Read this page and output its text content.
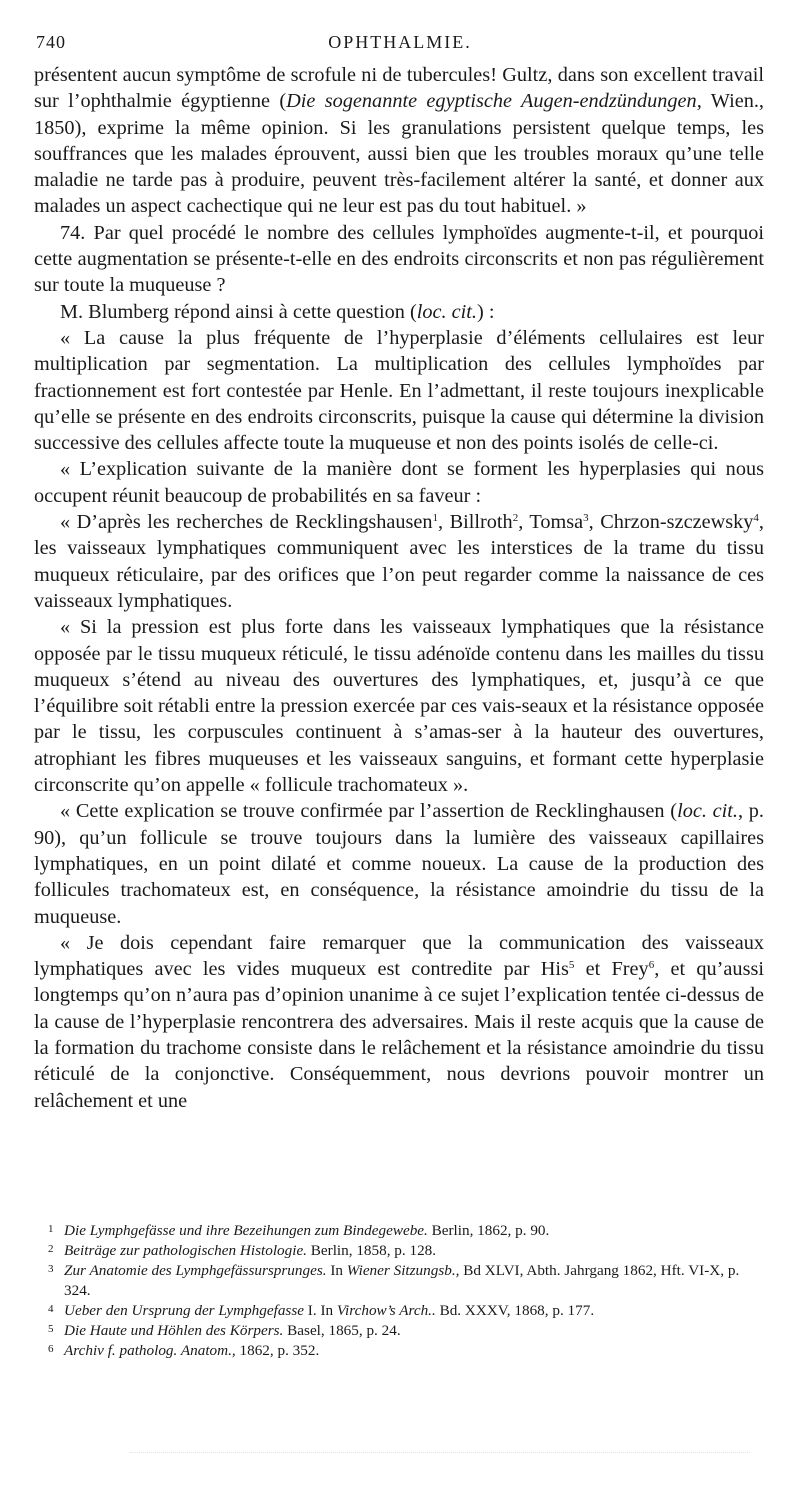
740	OPHTHALMIE.

présentent aucun symptôme de scrofule ni de tubercules! Gultz, dans son excellent travail sur l’ophthalmie égyptienne (Die sogenannte egyptische Augen-endzündungen, Wien., 1850), exprime la même opinion. Si les granulations persistent quelque temps, les souffrances que les malades éprouvent, aussi bien que les troubles moraux qu’une telle maladie ne tarde pas à produire, peuvent très-facilement altérer la santé, et donner aux malades un aspect cachectique qui ne leur est pas du tout habituel. »

74. Par quel procédé le nombre des cellules lymphoïdes augmente-t-il, et pourquoi cette augmentation se présente-t-elle en des endroits circonscrits et non pas régulièrement sur toute la muqueuse ?

M. Blumberg répond ainsi à cette question (loc. cit.) :

« La cause la plus fréquente de l’hyperplasie d’éléments cellulaires est leur multiplication par segmentation. La multiplication des cellules lymphoïdes par fractionnement est fort contestée par Henle. En l’admettant, il reste toujours inexplicable qu’elle se présente en des endroits circonscrits, puisque la cause qui détermine la division successive des cellules affecte toute la muqueuse et non des points isolés de celle-ci.

« L’explication suivante de la manière dont se forment les hyperplasies qui nous occupent réunit beaucoup de probabilités en sa faveur :

« D’après les recherches de Recklingshausen$^1$, Billroth$^2$, Tomsa$^3$, Chrzon-szczewsky$^4$, les vaisseaux lymphatiques communiquent avec les interstices de la trame du tissu muqueux réticulaire, par des orifices que l’on peut regarder comme la naissance de ces vaisseaux lymphatiques.

« Si la pression est plus forte dans les vaisseaux lymphatiques que la résistance opposée par le tissu muqueux réticulé, le tissu adénoïde contenu dans les mailles du tissu muqueux s’étend au niveau des ouvertures des lymphatiques, et, jusqu’à ce que l’équilibre soit rétabli entre la pression exercée par ces vais-seaux et la résistance opposée par le tissu, les corpuscules continuent à s’amas-ser à la hauteur des ouvertures, atrophiant les fibres muqueuses et les vaisseaux sanguins, et formant cette hyperplasie circonscrite qu’on appelle « follicule trachomateux ».

« Cette explication se trouve confirmée par l’assertion de Recklinghausen (loc. cit., p. 90), qu’un follicule se trouve toujours dans la lumière des vaisseaux capillaires lymphatiques, en un point dilaté et comme noueux. La cause de la production des follicules trachomateux est, en conséquence, la résistance amoindrie du tissu de la muqueuse.

« Je dois cependant faire remarquer que la communication des vaisseaux lymphatiques avec les vides muqueux est contredite par His$^5$ et Frey$^6$, et qu’aussi longtemps qu’on n’aura pas d’opinion unanime à ce sujet l’explication tentée ci-dessus de la cause de l’hyperplasie rencontrera des adversaires. Mais il reste acquis que la cause de la formation du trachome consiste dans le relâchement et la résistance amoindrie du tissu réticulé de la conjonctive. Conséquemment, nous devrions pouvoir montrer un relâchement et une

1 Die Lymphgefässe und ihre Bezeihungen zum Bindegewebe. Berlin, 1862, p. 90.

2 Beiträge zur pathologischen Histologie. Berlin, 1858, p. 128.

3 Zur Anatomie des Lymphgefässursprunges. In Wiener Sitzungsb., Bd XLVI, Abth. Jahrgang 1862, Hft. VI-X, p. 324.

4 Ueber den Ursprung der Lymphgefasse I. In Virchow’s Arch.. Bd. XXXV, 1868, p. 177.

5 Die Haute und Höhlen des Körpers. Basel, 1865, p. 24.

6 Archiv f. patholog. Anatom., 1862, p. 352.
